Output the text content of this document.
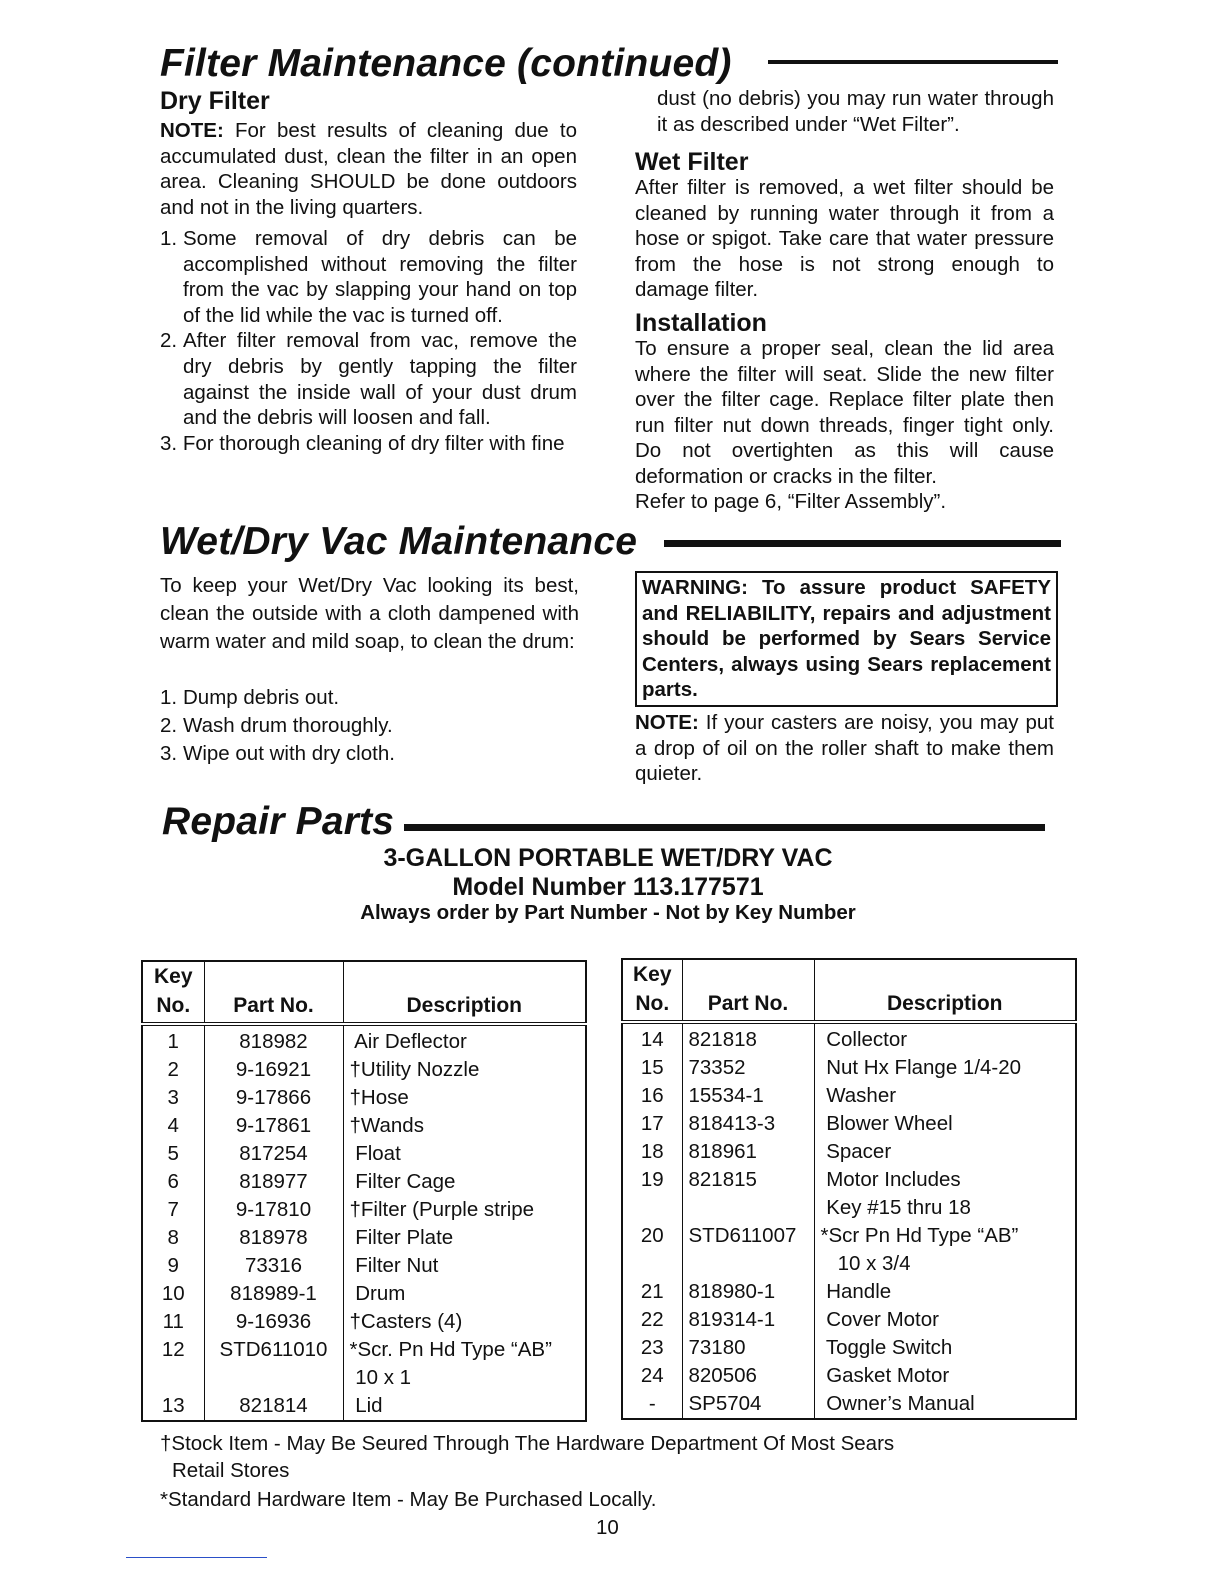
Filter Maintenance (continued)
Dry Filter
NOTE: For best results of cleaning due to accumulated dust, clean the filter in an open area. Cleaning SHOULD be done outdoors and not in the living quarters.
1. Some removal of dry debris can be accomplished without removing the filter from the vac by slapping your hand on top of the lid while the vac is turned off.
2. After filter removal from vac, remove the dry debris by gently tapping the filter against the inside wall of your dust drum and the debris will loosen and fall.
3. For thorough cleaning of dry filter with fine
dust (no debris) you may run water through it as described under “Wet Filter”.
Wet Filter
After filter is removed, a wet filter should be cleaned by running water through it from a hose or spigot. Take care that water pressure from the hose is not strong enough to damage filter.
Installation
To ensure a proper seal, clean the lid area where the filter will seat. Slide the new filter over the filter cage. Replace filter plate then run filter nut down threads, finger tight only. Do not overtighten as this will cause deformation or cracks in the filter.
Refer to page 6, “Filter Assembly”.
Wet/Dry Vac Maintenance
To keep your Wet/Dry Vac looking its best, clean the outside with a cloth dampened with warm water and mild soap, to clean the drum:
1. Dump debris out.
2. Wash drum thoroughly.
3. Wipe out with dry cloth.
WARNING: To assure product SAFETY and RELIABILITY, repairs and adjustment should be performed by Sears Service Centers, always using Sears replacement parts.
NOTE: If your casters are noisy, you may put a drop of oil on the roller shaft to make them quieter.
Repair Parts
3-GALLON PORTABLE WET/DRY VAC
Model Number 113.177571
Always order by Part Number - Not by Key Number
Key
No.	Part No.	Description
1	818982	Air Deflector
2	9-16921	†Utility Nozzle
3	9-17866	†Hose
4	9-17861	†Wands
5	817254	Float
6	818977	Filter Cage
7	9-17810	†Filter (Purple stripe
8	818978	Filter Plate
9	73316	Filter Nut
10	818989-1	Drum
11	9-16936	†Casters (4)
12	STD611010	*Scr. Pn Hd Type “AB”
		10 x 1
13	821814	Lid
Key
No.	Part No.	Description
14	821818	Collector
15	73352	Nut Hx Flange 1/4-20
16	15534-1	Washer
17	818413-3	Blower Wheel
18	818961	Spacer
19	821815	Motor Includes
		Key #15 thru 18
20	STD611007	*Scr Pn Hd Type “AB”
		10 x 3/4
21	818980-1	Handle
22	819314-1	Cover Motor
23	73180	Toggle Switch
24	820506	Gasket Motor
-	SP5704	Owner’s Manual
†Stock Item - May Be Seured Through The Hardware Department Of Most Sears
Retail Stores
*Standard Hardware Item - May Be Purchased Locally.
10
